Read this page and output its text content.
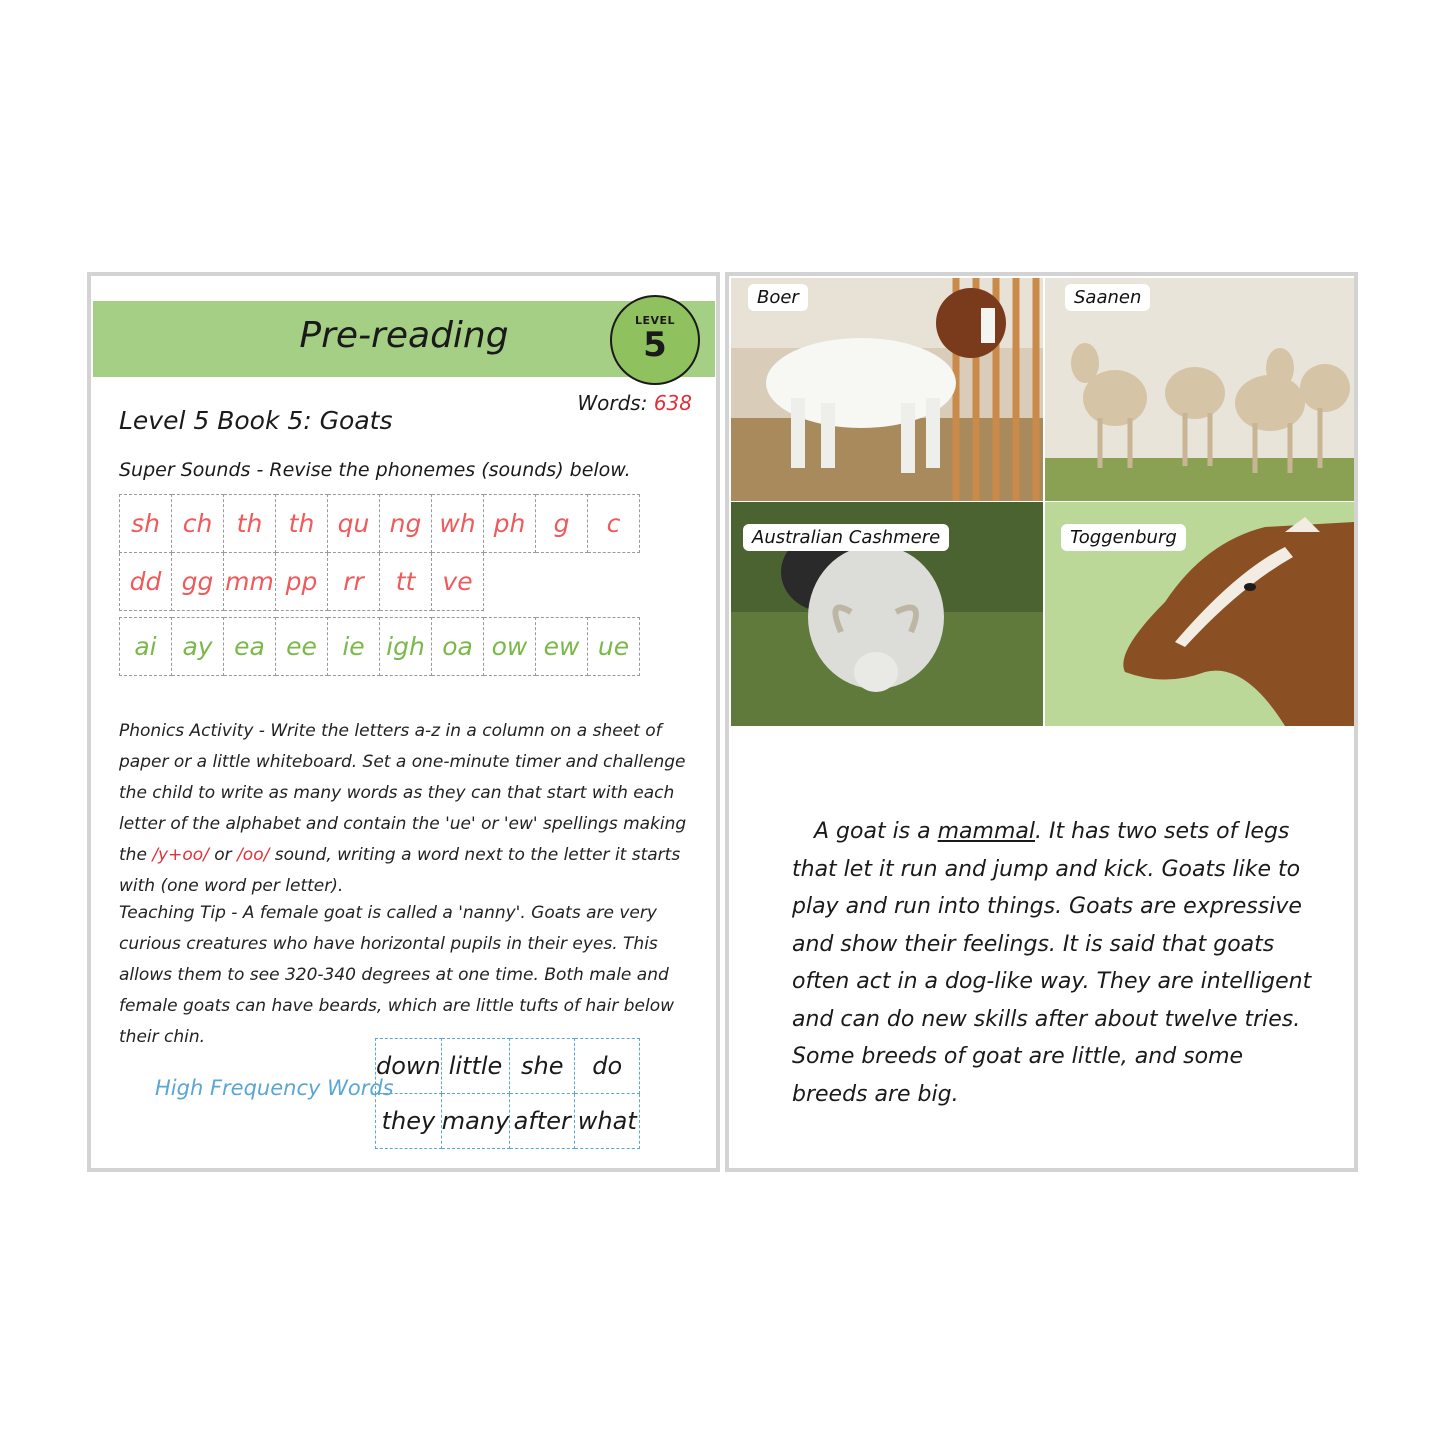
Pre-reading	LEVEL
5
Words: 638
Level 5 Book 5: Goats
Super Sounds - Revise the phonemes (sounds) below.
sh	ch	th	th	qu	ng	wh	ph	g	c
dd	gg	mm	pp	rr	tt	ve			
ai	ay	ea	ee	ie	igh	oa	ow	ew	ue
Phonics Activity - Write the letters a-z in a column on a sheet of paper or a little whiteboard. Set a one-minute timer and challenge the child to write as many words as they can that start with each letter of the alphabet and contain the 'ue' or 'ew' spellings making the /y+oo/ or /oo/ sound, writing a word next to the letter it starts with (one word per letter).
Teaching Tip - A female goat is called a 'nanny'. Goats are very curious creatures who have horizontal pupils in their eyes. This allows them to see 320-340 degrees at one time. Both male and female goats can have beards, which are little tufts of hair below their chin.
High Frequency Words
down	little	she	do
they	many	after	what
Boer	Saanen
Australian Cashmere	Toggenburg
A goat is a mammal. It has two sets of legs that let it run and jump and kick. Goats like to play and run into things. Goats are expressive and show their feelings. It is said that goats often act in a dog-like way. They are intelligent and can do new skills after about twelve tries. Some breeds of goat are little, and some breeds are big.
